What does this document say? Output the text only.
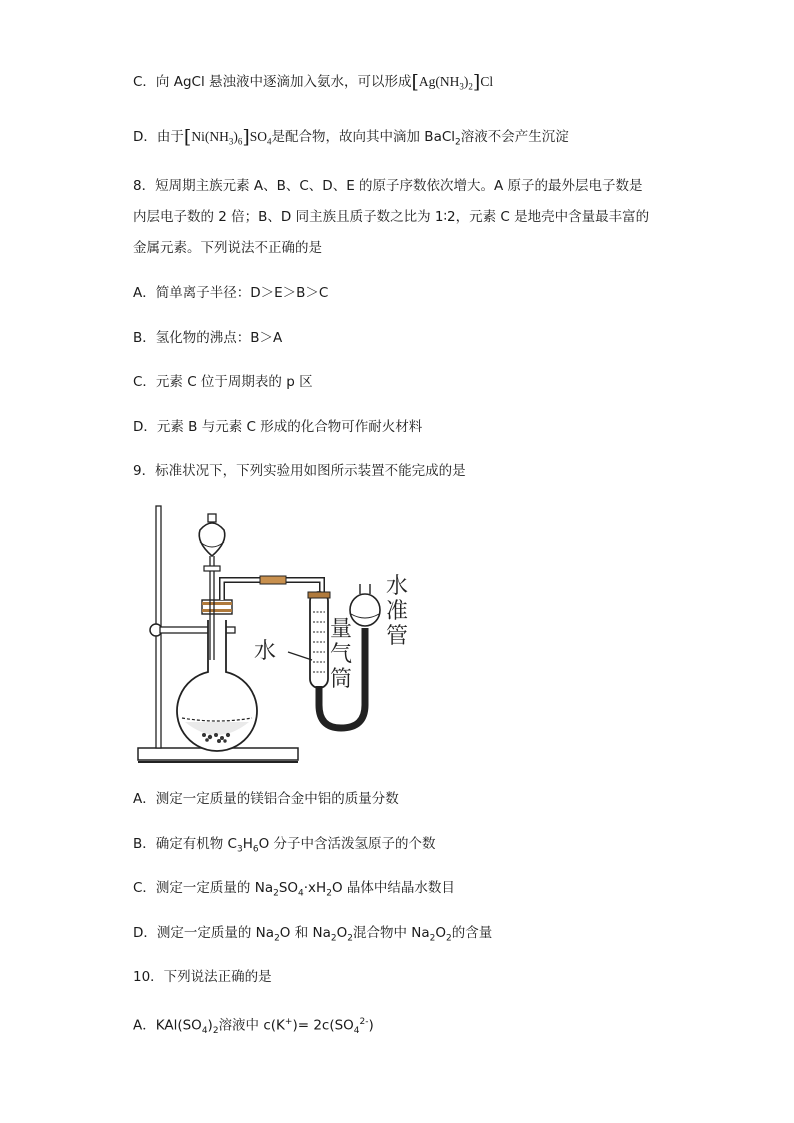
C．向 AgCl 悬浊液中逐滴加入氨水，可以形成$[Ag(NH_3)_2]Cl$
D．由于$[Ni(NH_3)_6]SO_4$是配合物，故向其中滴加 BaCl$_2$溶液不会产生沉淀
8．短周期主族元素 A、B、C、D、E 的原子序数依次增大。A 原子的最外层电子数是
内层电子数的 2 倍；B、D 同主族且质子数之比为 1∶2，元素 C 是地壳中含量最丰富的
金属元素。下列说法不正确的是
A．简单离子半径：D＞E＞B＞C
B．氢化物的沸点：B＞A
C．元素 C 位于周期表的 p 区
D．元素 B 与元素 C 形成的化合物可作耐火材料
9．标准状况下，下列实验用如图所示装置不能完成的是
水
量
气
筒
水
准
管
A．测定一定质量的镁铝合金中铝的质量分数
B．确定有机物 $C_3H_6O$ 分子中含活泼氢原子的个数
C．测定一定质量的 $Na_2SO_4\cdot xH_2O$ 晶体中结晶水数目
D．测定一定质量的 $Na_2O$ 和 $Na_2O_2$混合物中 $Na_2O_2$的含量
10．下列说法正确的是
A．$KAl(SO_4)_2$溶液中 $c(K^+)= 2c(SO_4^{2-})$
